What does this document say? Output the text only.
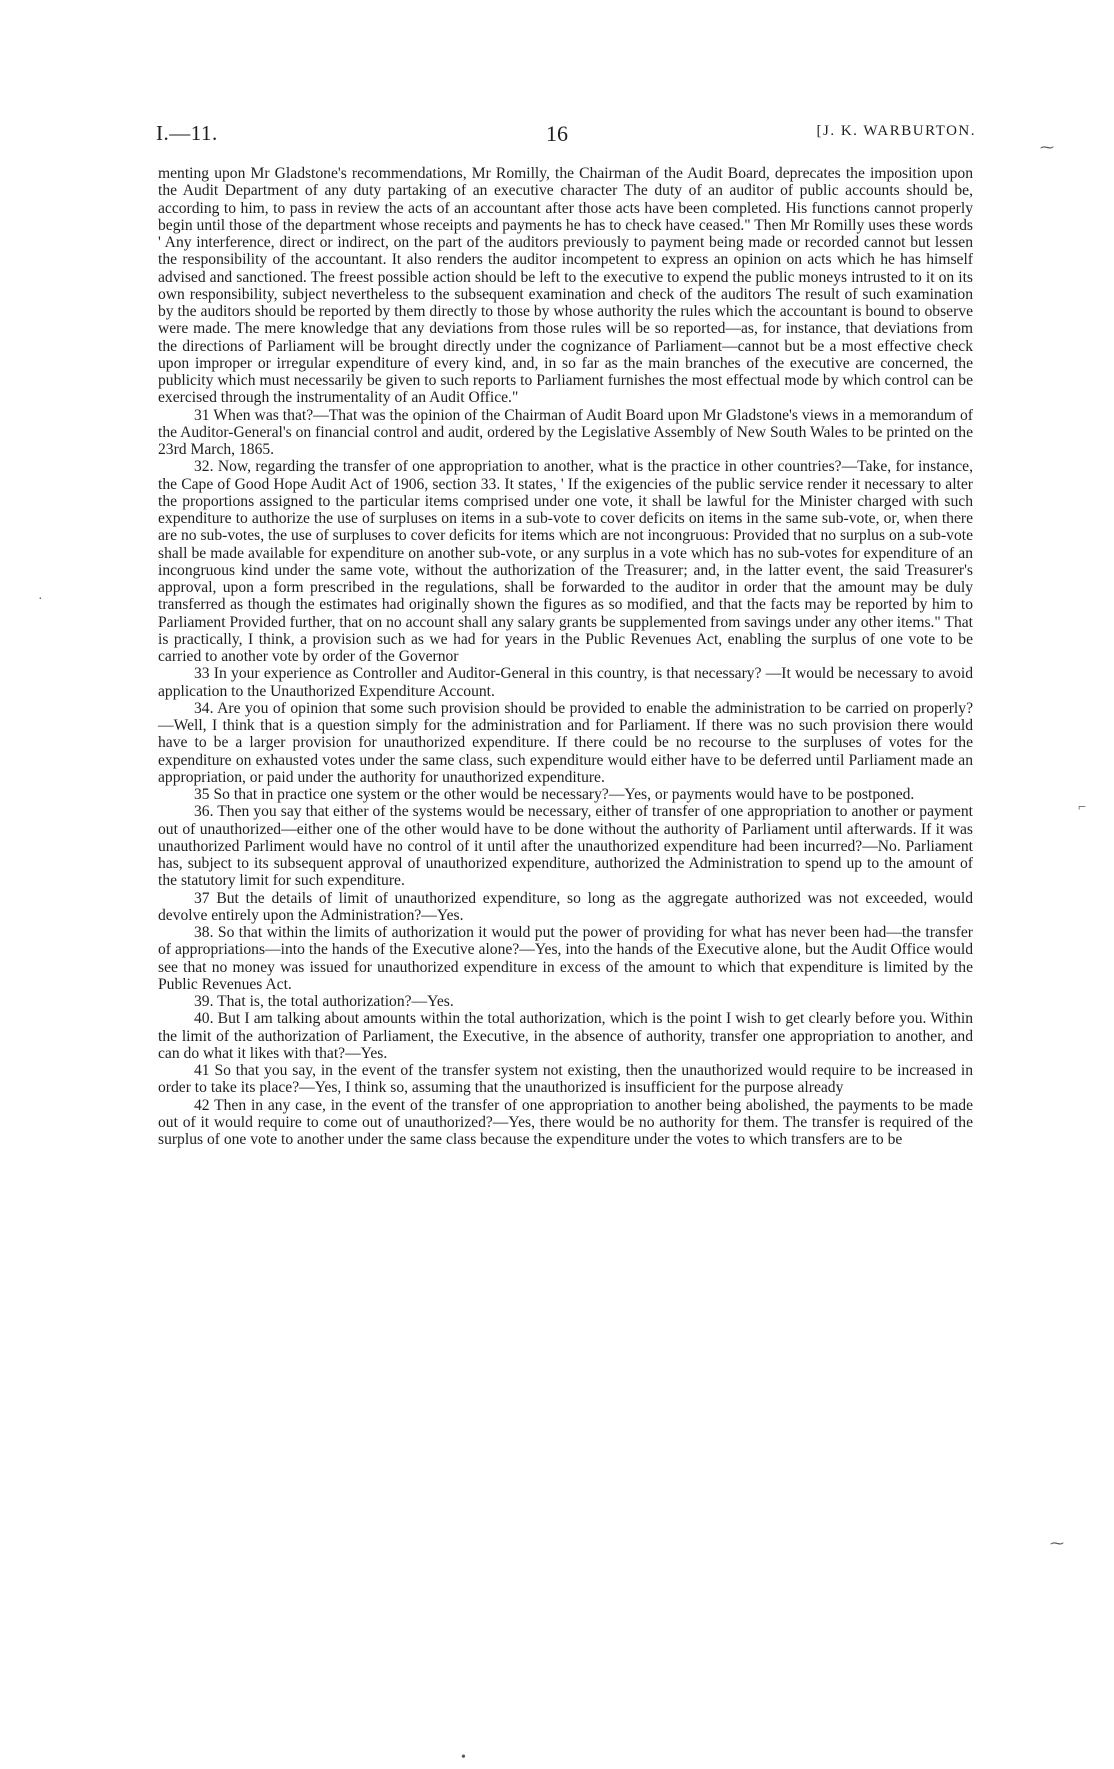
I.—11.	16	[J. K. WARBURTON.

menting upon Mr Gladstone's recommendations, Mr Romilly, the Chairman of the Audit Board, deprecates the imposition upon the Audit Department of any duty partaking of an executive character The duty of an auditor of public accounts should be, according to him, to pass in review the acts of an accountant after those acts have been completed. His functions cannot properly begin until those of the department whose receipts and payments he has to check have ceased." Then Mr Romilly uses these words ' Any interference, direct or indirect, on the part of the auditors previously to payment being made or recorded cannot but lessen the responsibility of the accountant. It also renders the auditor incompetent to express an opinion on acts which he has himself advised and sanctioned. The freest possible action should be left to the executive to expend the public moneys intrusted to it on its own responsibility, subject nevertheless to the subsequent examination and check of the auditors The result of such examination by the auditors should be reported by them directly to those by whose authority the rules which the accountant is bound to observe were made. The mere knowledge that any deviations from those rules will be so reported—as, for instance, that deviations from the directions of Parliament will be brought directly under the cognizance of Parliament—cannot but be a most effective check upon improper or irregular expenditure of every kind, and, in so far as the main branches of the executive are concerned, the publicity which must necessarily be given to such reports to Parliament furnishes the most effectual mode by which control can be exercised through the instrumentality of an Audit Office."

31 When was that?—That was the opinion of the Chairman of Audit Board upon Mr Gladstone's views in a memorandum of the Auditor-General's on financial control and audit, ordered by the Legislative Assembly of New South Wales to be printed on the 23rd March, 1865.

32. Now, regarding the transfer of one appropriation to another, what is the practice in other countries?—Take, for instance, the Cape of Good Hope Audit Act of 1906, section 33. It states, ' If the exigencies of the public service render it necessary to alter the proportions assigned to the particular items comprised under one vote, it shall be lawful for the Minister charged with such expenditure to authorize the use of surpluses on items in a sub-vote to cover deficits on items in the same sub-vote, or, when there are no sub-votes, the use of surpluses to cover deficits for items which are not incongruous: Provided that no surplus on a sub-vote shall be made available for expenditure on another sub-vote, or any surplus in a vote which has no sub-votes for expenditure of an incongruous kind under the same vote, without the authorization of the Treasurer; and, in the latter event, the said Treasurer's approval, upon a form prescribed in the regulations, shall be forwarded to the auditor in order that the amount may be duly transferred as though the estimates had originally shown the figures as so modified, and that the facts may be reported by him to Parliament Provided further, that on no account shall any salary grants be supplemented from savings under any other items." That is practically, I think, a provision such as we had for years in the Public Revenues Act, enabling the surplus of one vote to be carried to another vote by order of the Governor

33 In your experience as Controller and Auditor-General in this country, is that necessary? —It would be necessary to avoid application to the Unauthorized Expenditure Account.

34. Are you of opinion that some such provision should be provided to enable the administration to be carried on properly?—Well, I think that is a question simply for the administration and for Parliament. If there was no such provision there would have to be a larger provision for unauthorized expenditure. If there could be no recourse to the surpluses of votes for the expenditure on exhausted votes under the same class, such expenditure would either have to be deferred until Parliament made an appropriation, or paid under the authority for unauthorized expenditure.

35 So that in practice one system or the other would be necessary?—Yes, or payments would have to be postponed.

36. Then you say that either of the systems would be necessary, either of transfer of one appropriation to another or payment out of unauthorized—either one of the other would have to be done without the authority of Parliament until afterwards. If it was unauthorized Parliment would have no control of it until after the unauthorized expenditure had been incurred?—No. Parliament has, subject to its subsequent approval of unauthorized expenditure, authorized the Administration to spend up to the amount of the statutory limit for such expenditure.

37 But the details of limit of unauthorized expenditure, so long as the aggregate authorized was not exceeded, would devolve entirely upon the Administration?—Yes.

38. So that within the limits of authorization it would put the power of providing for what has never been had—the transfer of appropriations—into the hands of the Executive alone?—Yes, into the hands of the Executive alone, but the Audit Office would see that no money was issued for unauthorized expenditure in excess of the amount to which that expenditure is limited by the Public Revenues Act.

39. That is, the total authorization?—Yes.

40. But I am talking about amounts within the total authorization, which is the point I wish to get clearly before you. Within the limit of the authorization of Parliament, the Executive, in the absence of authority, transfer one appropriation to another, and can do what it likes with that?—Yes.

41 So that you say, in the event of the transfer system not existing, then the unauthorized would require to be increased in order to take its place?—Yes, I think so, assuming that the unauthorized is insufficient for the purpose already

42 Then in any case, in the event of the transfer of one appropriation to another being abolished, the payments to be made out of it would require to come out of unauthorized?—Yes, there would be no authority for them. The transfer is required of the surplus of one vote to another under the same class because the expenditure under the votes to which transfers are to be

⁓
·
⌐
⁓
•
